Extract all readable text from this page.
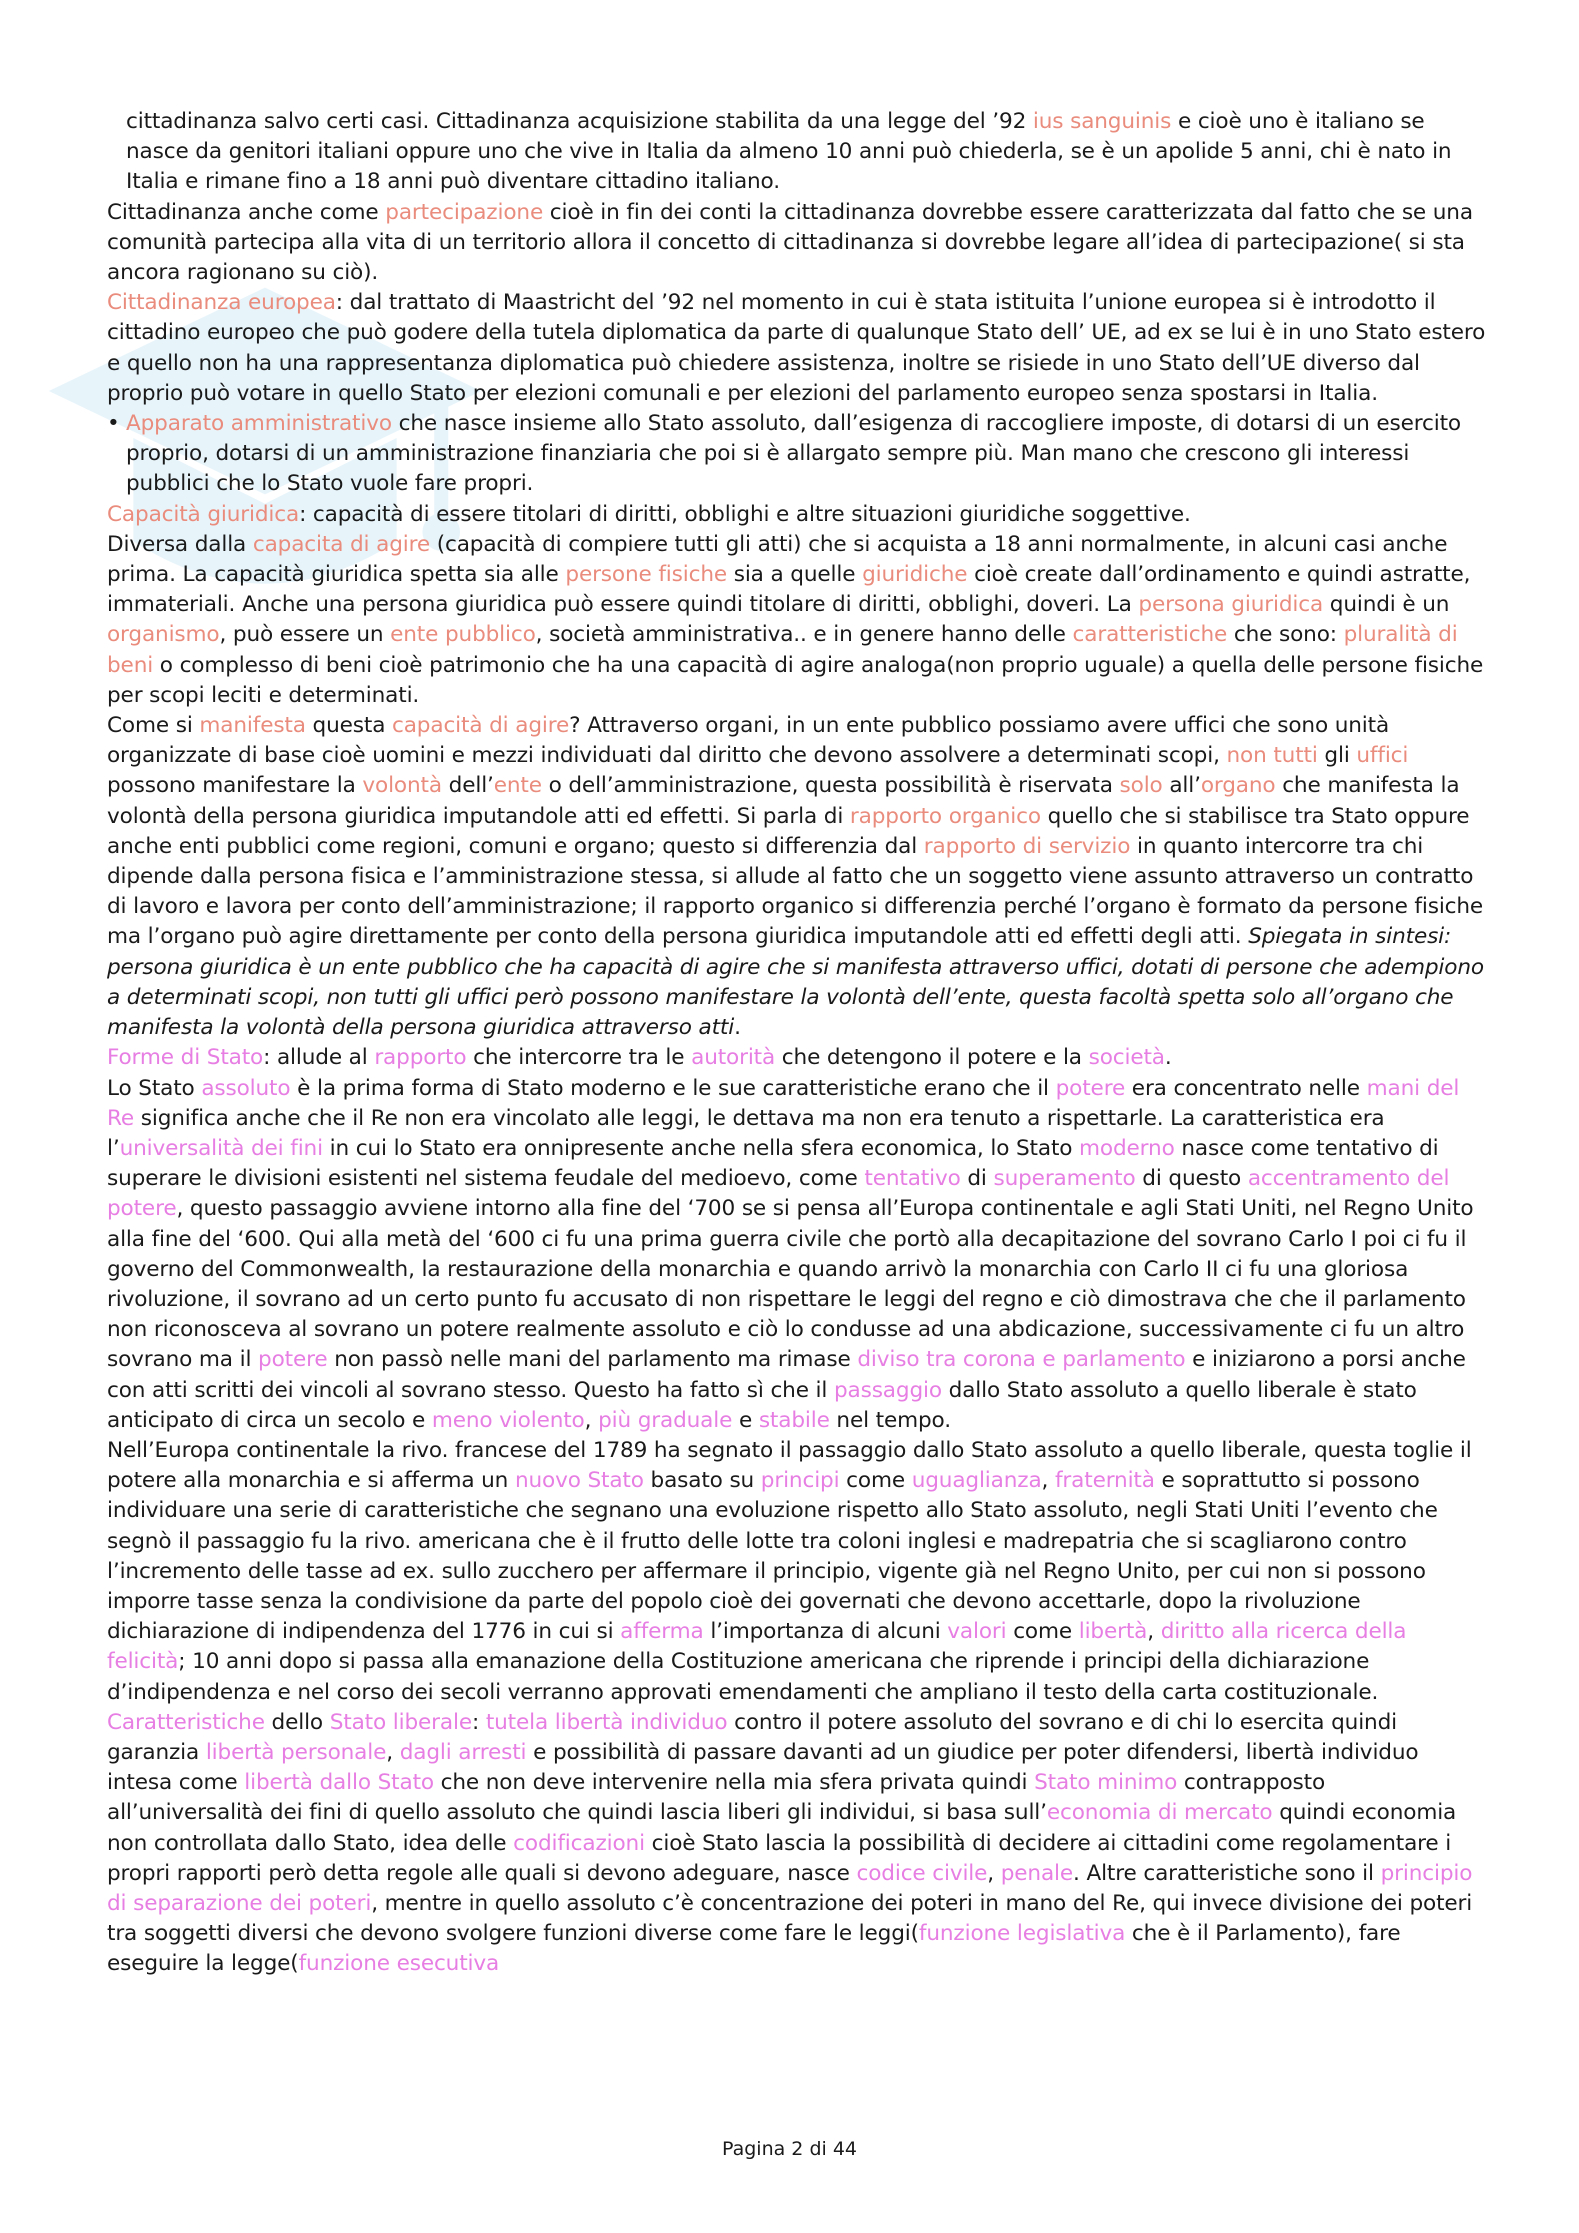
cittadinanza salvo certi casi. Cittadinanza acquisizione stabilita da una legge del ’92 ius sanguinis e cioè uno è italiano se nasce da genitori italiani oppure uno che vive in Italia da almeno 10 anni può chiederla, se è un apolide 5 anni, chi è nato in Italia e rimane fino a 18 anni può diventare cittadino italiano.

Cittadinanza anche come partecipazione cioè in fin dei conti la cittadinanza dovrebbe essere caratterizzata dal fatto che se una comunità partecipa alla vita di un territorio allora il concetto di cittadinanza si dovrebbe legare all’idea di partecipazione( si sta ancora ragionano su ciò).

Cittadinanza europea: dal trattato di Maastricht del ’92 nel momento in cui è stata istituita l’unione europea si è introdotto il cittadino europeo che può godere della tutela diplomatica da parte di qualunque Stato dell’ UE, ad ex se lui è in uno Stato estero e quello non ha una rappresentanza diplomatica può chiedere assistenza, inoltre se risiede in uno Stato dell’UE diverso dal proprio può votare in quello Stato per elezioni comunali e per elezioni del parlamento europeo senza spostarsi in Italia.

• Apparato amministrativo che nasce insieme allo Stato assoluto, dall’esigenza di raccogliere imposte, di dotarsi di un esercito proprio, dotarsi di un amministrazione finanziaria che poi si è allargato sempre più. Man mano che crescono gli interessi pubblici che lo Stato vuole fare propri.

Capacità giuridica: capacità di essere titolari di diritti, obblighi e altre situazioni giuridiche soggettive.

Diversa dalla capacita di agire (capacità di compiere tutti gli atti) che si acquista a 18 anni normalmente, in alcuni casi anche prima. La capacità giuridica spetta sia alle persone fisiche sia a quelle giuridiche cioè create dall’ordinamento e quindi astratte, immateriali. Anche una persona giuridica può essere quindi titolare di diritti, obblighi, doveri. La persona giuridica quindi è un organismo, può essere un ente pubblico, società amministrativa.. e in genere hanno delle caratteristiche che sono: pluralità di beni o complesso di beni cioè patrimonio che ha una capacità di agire analoga(non proprio uguale) a quella delle persone fisiche per scopi leciti e determinati.

Come si manifesta questa capacità di agire? Attraverso organi, in un ente pubblico possiamo avere uffici che sono unità organizzate di base cioè uomini e mezzi individuati dal diritto che devono assolvere a determinati scopi, non tutti gli uffici possono manifestare la volontà dell’ente o dell’amministrazione, questa possibilità è riservata solo all’organo che manifesta la volontà della persona giuridica imputandole atti ed effetti. Si parla di rapporto organico quello che si stabilisce tra Stato oppure anche enti pubblici come regioni, comuni e organo; questo si differenzia dal rapporto di servizio in quanto intercorre tra chi dipende dalla persona fisica e l’amministrazione stessa, si allude al fatto che un soggetto viene assunto attraverso un contratto di lavoro e lavora per conto dell’amministrazione; il rapporto organico si differenzia perché l’organo è formato da persone fisiche ma l’organo può agire direttamente per conto della persona giuridica imputandole atti ed effetti degli atti. Spiegata in sintesi: persona giuridica è un ente pubblico che ha capacità di agire che si manifesta attraverso uffici, dotati di persone che adempiono a determinati scopi, non tutti gli uffici però possono manifestare la volontà dell’ente, questa facoltà spetta solo all’organo che manifesta la volontà della persona giuridica attraverso atti.

Forme di Stato: allude al rapporto che intercorre tra le autorità che detengono il potere e la società.

Lo Stato assoluto è la prima forma di Stato moderno e le sue caratteristiche erano che il potere era concentrato nelle mani del Re significa anche che il Re non era vincolato alle leggi, le dettava ma non era tenuto a rispettarle. La caratteristica era l’universalità dei fini in cui lo Stato era onnipresente anche nella sfera economica, lo Stato moderno nasce come tentativo di superare le divisioni esistenti nel sistema feudale del medioevo, come tentativo di superamento di questo accentramento del potere, questo passaggio avviene intorno alla fine del ‘700 se si pensa all’Europa continentale e agli Stati Uniti, nel Regno Unito alla fine del ‘600. Qui alla metà del ‘600 ci fu una prima guerra civile che portò alla decapitazione del sovrano Carlo I poi ci fu il governo del Commonwealth, la restaurazione della monarchia e quando arrivò la monarchia con Carlo II ci fu una gloriosa rivoluzione, il sovrano ad un certo punto fu accusato di non rispettare le leggi del regno e ciò dimostrava che che il parlamento non riconosceva al sovrano un potere realmente assoluto e ciò lo condusse ad una abdicazione, successivamente ci fu un altro sovrano ma il potere non passò nelle mani del parlamento ma rimase diviso tra corona e parlamento e iniziarono a porsi anche con atti scritti dei vincoli al sovrano stesso. Questo ha fatto sì che il passaggio dallo Stato assoluto a quello liberale è stato anticipato di circa un secolo e meno violento, più graduale e stabile nel tempo.

Nell’Europa continentale la rivo. francese del 1789 ha segnato il passaggio dallo Stato assoluto a quello liberale, questa toglie il potere alla monarchia e si afferma un nuovo Stato basato su principi come uguaglianza, fraternità e soprattutto si possono individuare una serie di caratteristiche che segnano una evoluzione rispetto allo Stato assoluto, negli Stati Uniti l’evento che segnò il passaggio fu la rivo. americana che è il frutto delle lotte tra coloni inglesi e madrepatria che si scagliarono contro l’incremento delle tasse ad ex. sullo zucchero per affermare il principio, vigente già nel Regno Unito, per cui non si possono imporre tasse senza la condivisione da parte del popolo cioè dei governati che devono accettarle, dopo la rivoluzione dichiarazione di indipendenza del 1776 in cui si afferma l’importanza di alcuni valori come libertà, diritto alla ricerca della felicità; 10 anni dopo si passa alla emanazione della Costituzione americana che riprende i principi della dichiarazione d’indipendenza e nel corso dei secoli verranno approvati emendamenti che ampliano il testo della carta costituzionale.

Caratteristiche dello Stato liberale: tutela libertà individuo contro il potere assoluto del sovrano e di chi lo esercita quindi garanzia libertà personale, dagli arresti e possibilità di passare davanti ad un giudice per poter difendersi, libertà individuo intesa come libertà dallo Stato che non deve intervenire nella mia sfera privata quindi Stato minimo contrapposto all’universalità dei fini di quello assoluto che quindi lascia liberi gli individui, si basa sull’economia di mercato quindi economia non controllata dallo Stato, idea delle codificazioni cioè Stato lascia la possibilità di decidere ai cittadini come regolamentare i propri rapporti però detta regole alle quali si devono adeguare, nasce codice civile, penale. Altre caratteristiche sono il principio di separazione dei poteri, mentre in quello assoluto c’è concentrazione dei poteri in mano del Re, qui invece divisione dei poteri tra soggetti diversi che devono svolgere funzioni diverse come fare le leggi(funzione legislativa che è il Parlamento), fare eseguire la legge(funzione esecutiva

Pagina 2 di 44
